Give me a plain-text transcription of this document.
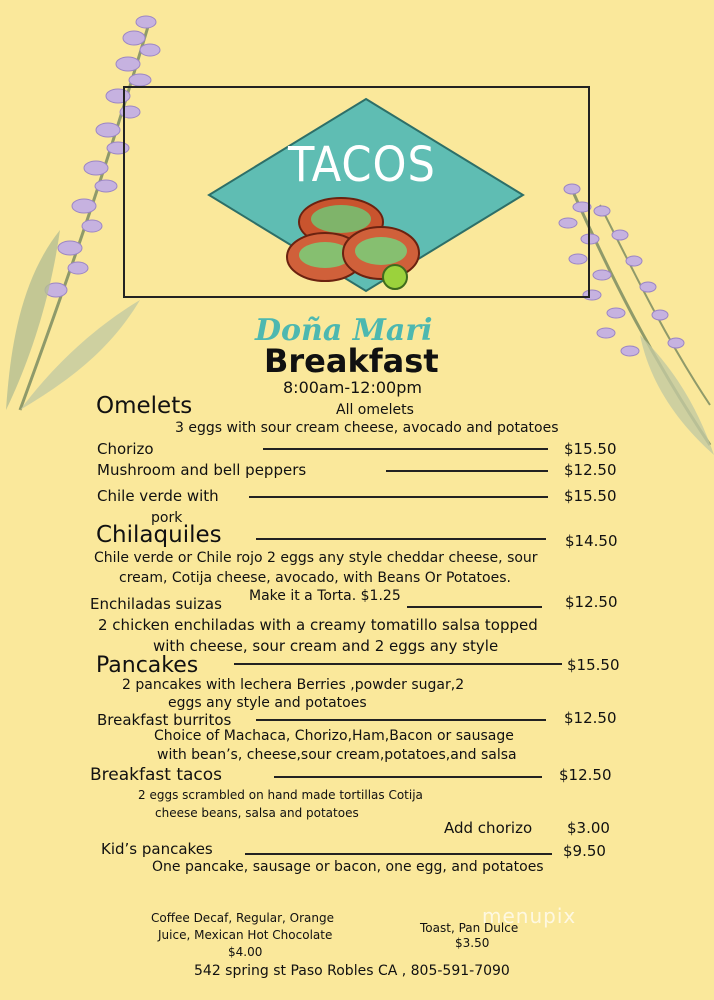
TACOS
Doña Mari
Breakfast
8:00am-12:00pm
Omelets	All omelets
3 eggs with sour cream cheese, avocado and potatoes
Chorizo	$15.50
Mushroom and bell peppers	$12.50
Chile verde with	$15.50
pork
Chilaquiles	$14.50
Chile verde or Chile rojo 2 eggs any style cheddar cheese, sour
cream, Cotija cheese, avocado, with Beans Or Potatoes.
Make it a Torta. $1.25
Enchiladas suizas	$12.50
2 chicken enchiladas with a creamy tomatillo salsa topped
with cheese, sour cream and 2 eggs any style
Pancakes	$15.50
2 pancakes with lechera Berries ,powder sugar,2
eggs any style and potatoes
Breakfast burritos	$12.50
Choice of Machaca, Chorizo,Ham,Bacon or sausage
with bean’s, cheese,sour cream,potatoes,and salsa
Breakfast tacos	$12.50
2 eggs scrambled on hand made tortillas Cotija
cheese beans, salsa and potatoes
Add chorizo $3.00
Kid’s pancakes	$9.50
One pancake, sausage or bacon, one egg, and potatoes
Coffee Decaf, Regular, Orange
Juice, Mexican Hot Chocolate
$4.00
Toast, Pan Dulce
$3.50
menupix
542 spring st Paso Robles CA , 805-591-7090
